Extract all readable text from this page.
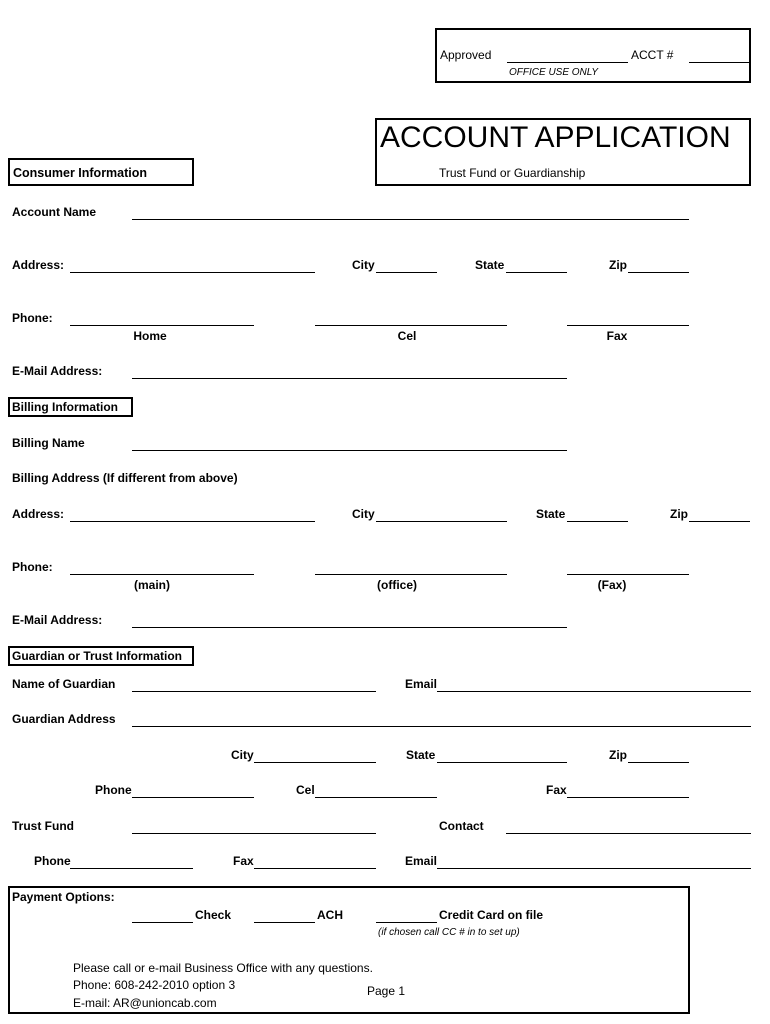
Approved	ACCT #
OFFICE USE ONLY
ACCOUNT APPLICATION
Trust Fund or Guardianship
Consumer Information
Account Name
Address:	City	State	Zip
Phone:
Home	Cel	Fax
E-Mail Address:
Billing Information
Billing Name
Billing Address (If different from above)
Address:	City	State	Zip
Phone:
(main)	(office)	(Fax)
E-Mail Address:
Guardian or Trust Information
Name of Guardian	Email
Guardian Address
City	State	Zip
Phone	Cel	Fax
Trust Fund	Contact
Phone	Fax	Email
Payment Options:
Check	ACH	Credit Card on file
(if chosen call CC # in to set up)
Please call or e-mail Business Office with any questions.
Phone: 608-242-2010 option 3
E-mail: AR@unioncab.com
Page 1
